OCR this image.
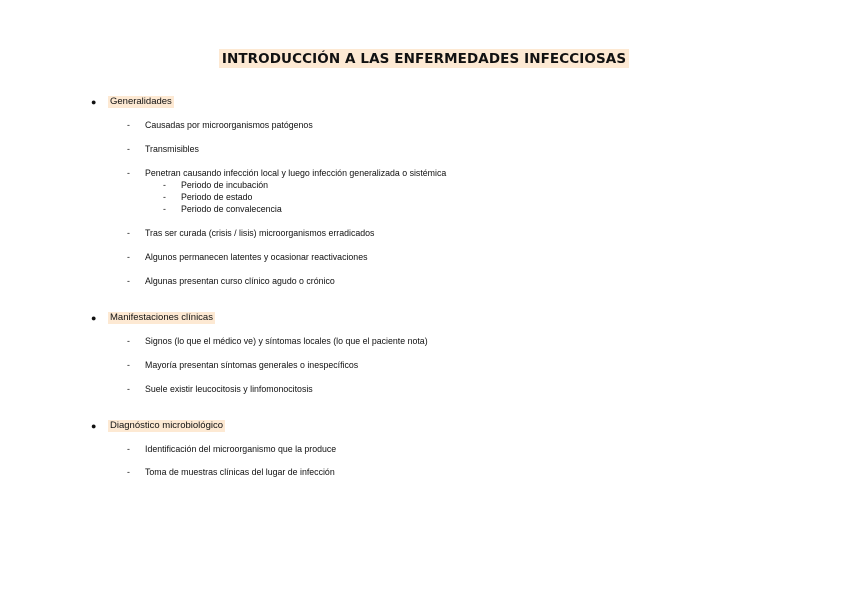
INTRODUCCIÓN A LAS ENFERMEDADES INFECCIOSAS
● Generalidades
- Causadas por microorganismos patógenos
- Transmisibles
- Penetran causando infección local y luego infección generalizada o sistémica
- Periodo de incubación
- Periodo de estado
- Periodo de convalecencia
- Tras ser curada (crisis / lisis) microorganismos erradicados
- Algunos permanecen latentes y ocasionar reactivaciones
- Algunas presentan curso clínico agudo o crónico
● Manifestaciones clínicas
- Signos (lo que el médico ve) y síntomas locales (lo que el paciente nota)
- Mayoría presentan síntomas generales o inespecíficos
- Suele existir leucocitosis y linfomonocitosis
● Diagnóstico microbiológico
- Identificación del microorganismo que la produce
- Toma de muestras clínicas del lugar de infección
